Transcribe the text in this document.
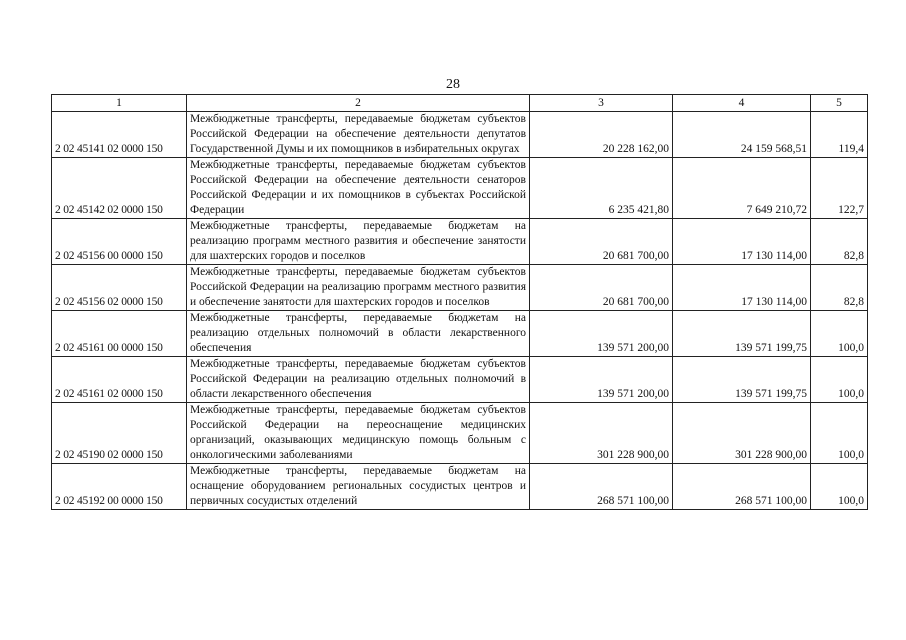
28
1	2	3	4	5
2 02 45141 02 0000 150	Межбюджетные трансферты, передаваемые бюджетам субъектов Российской Федерации на обеспечение деятельности депутатов Государственной Думы и их помощников в избирательных округах	20 228 162,00	24 159 568,51	119,4
2 02 45142 02 0000 150	Межбюджетные трансферты, передаваемые бюджетам субъектов Российской Федерации на обеспечение деятельности сенаторов Российской Федерации и их помощников в субъектах Российской Федерации	6 235 421,80	7 649 210,72	122,7
2 02 45156 00 0000 150	Межбюджетные трансферты, передаваемые бюджетам на реализацию программ местного развития и обеспечение занятости для шахтерских городов и поселков	20 681 700,00	17 130 114,00	82,8
2 02 45156 02 0000 150	Межбюджетные трансферты, передаваемые бюджетам субъектов Российской Федерации на реализацию программ местного развития и обеспечение занятости для шахтерских городов и поселков	20 681 700,00	17 130 114,00	82,8
2 02 45161 00 0000 150	Межбюджетные трансферты, передаваемые бюджетам на реализацию отдельных полномочий в области лекарственного обеспечения	139 571 200,00	139 571 199,75	100,0
2 02 45161 02 0000 150	Межбюджетные трансферты, передаваемые бюджетам субъектов Российской Федерации на реализацию отдельных полномочий в области лекарственного обеспечения	139 571 200,00	139 571 199,75	100,0
2 02 45190 02 0000 150	Межбюджетные трансферты, передаваемые бюджетам субъектов Российской Федерации на переоснащение медицинских организаций, оказывающих медицинскую помощь больным с онкологическими заболеваниями	301 228 900,00	301 228 900,00	100,0
2 02 45192 00 0000 150	Межбюджетные трансферты, передаваемые бюджетам на оснащение оборудованием региональных сосудистых центров и первичных сосудистых отделений	268 571 100,00	268 571 100,00	100,0
